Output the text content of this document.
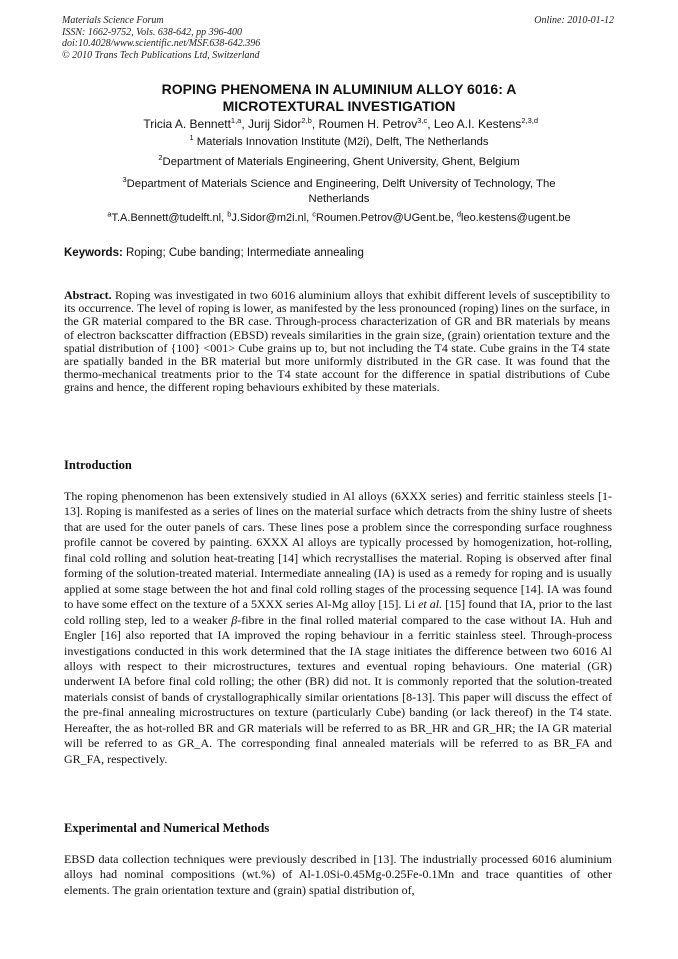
Materials Science Forum
ISSN: 1662-9752, Vols. 638-642, pp 396-400
doi:10.4028/www.scientific.net/MSF.638-642.396
© 2010 Trans Tech Publications Ltd, Switzerland
Online: 2010-01-12
ROPING PHENOMENA IN ALUMINIUM ALLOY 6016: A
MICROTEXTURAL INVESTIGATION
Tricia A. Bennett$^{1,a}$, Jurij Sidor$^{2,b}$, Roumen H. Petrov$^{3,c}$, Leo A.I. Kestens$^{2,3,d}$
$^1$ Materials Innovation Institute (M2i), Delft, The Netherlands
$^2$Department of Materials Engineering, Ghent University, Ghent, Belgium
$^3$Department of Materials Science and Engineering, Delft University of Technology, The
Netherlands
$^a$T.A.Bennett@tudelft.nl, $^b$J.Sidor@m2i.nl, $^c$Roumen.Petrov@UGent.be, $^d$leo.kestens@ugent.be
Keywords: Roping; Cube banding; Intermediate annealing
Abstract. Roping was investigated in two 6016 aluminium alloys that exhibit different levels of susceptibility to its occurrence. The level of roping is lower, as manifested by the less pronounced (roping) lines on the surface, in the GR material compared to the BR case. Through-process characterization of GR and BR materials by means of electron backscatter diffraction (EBSD) reveals similarities in the grain size, (grain) orientation texture and the spatial distribution of {100} <001> Cube grains up to, but not including the T4 state. Cube grains in the T4 state are spatially banded in the BR material but more uniformly distributed in the GR case. It was found that the thermo-mechanical treatments prior to the T4 state account for the difference in spatial distributions of Cube grains and hence, the different roping behaviours exhibited by these materials.
Introduction
The roping phenomenon has been extensively studied in Al alloys (6XXX series) and ferritic stainless steels [1-13]. Roping is manifested as a series of lines on the material surface which detracts from the shiny lustre of sheets that are used for the outer panels of cars. These lines pose a problem since the corresponding surface roughness profile cannot be covered by painting. 6XXX Al alloys are typically processed by homogenization, hot-rolling, final cold rolling and solution heat-treating [14] which recrystallises the material. Roping is observed after final forming of the solution-treated material. Intermediate annealing (IA) is used as a remedy for roping and is usually applied at some stage between the hot and final cold rolling stages of the processing sequence [14]. IA was found to have some effect on the texture of a 5XXX series Al-Mg alloy [15]. Li et al. [15] found that IA, prior to the last cold rolling step, led to a weaker β-fibre in the final rolled material compared to the case without IA. Huh and Engler [16] also reported that IA improved the roping behaviour in a ferritic stainless steel. Through-process investigations conducted in this work determined that the IA stage initiates the difference between two 6016 Al alloys with respect to their microstructures, textures and eventual roping behaviours. One material (GR) underwent IA before final cold rolling; the other (BR) did not. It is commonly reported that the solution-treated materials consist of bands of crystallographically similar orientations [8-13]. This paper will discuss the effect of the pre-final annealing microstructures on texture (particularly Cube) banding (or lack thereof) in the T4 state. Hereafter, the as hot-rolled BR and GR materials will be referred to as BR_HR and GR_HR; the IA GR material will be referred to as GR_A. The corresponding final annealed materials will be referred to as BR_FA and GR_FA, respectively.
Experimental and Numerical Methods
EBSD data collection techniques were previously described in [13]. The industrially processed 6016 aluminium alloys had nominal compositions (wt.%) of Al-1.0Si-0.45Mg-0.25Fe-0.1Mn and trace quantities of other elements. The grain orientation texture and (grain) spatial distribution of,
